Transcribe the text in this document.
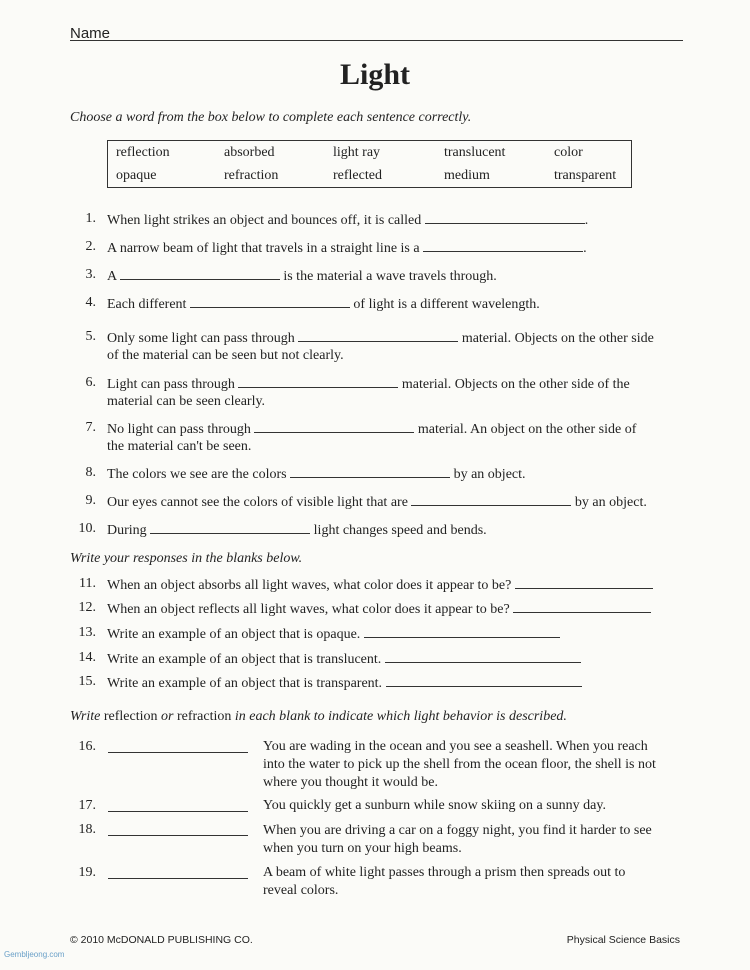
Name
Light
Choose a word from the box below to complete each sentence correctly.
reflection	absorbed	light ray	translucent	color
opaque	refraction	reflected	medium	transparent
1. When light strikes an object and bounces off, it is called	.
2. A narrow beam of light that travels in a straight line is a	.
3. A	is the material a wave travels through.
4. Each different	of light is a different wavelength.
5. Only some light can pass through	material. Objects on the other side
of the material can be seen but not clearly.
6. Light can pass through	material. Objects on the other side of the
material can be seen clearly.
7. No light can pass through	material. An object on the other side of
the material can't be seen.
8. The colors we see are the colors	by an object.
9. Our eyes cannot see the colors of visible light that are	by an object.
10. During	light changes speed and bends.
Write your responses in the blanks below.
11. When an object absorbs all light waves, what color does it appear to be?
12. When an object reflects all light waves, what color does it appear to be?
13. Write an example of an object that is opaque.
14. Write an example of an object that is translucent.
15. Write an example of an object that is transparent.
Write reflection or refraction in each blank to indicate which light behavior is described.
16.	You are wading in the ocean and you see a seashell. When you reach
into the water to pick up the shell from the ocean floor, the shell is not
where you thought it would be.
17.	You quickly get a sunburn while snow skiing on a sunny day.
18.	When you are driving a car on a foggy night, you find it harder to see
when you turn on your high beams.
19.	A beam of white light passes through a prism then spreads out to
reveal colors.
© 2010 McDONALD PUBLISHING CO.	Physical Science Basics
Gembljeong.com
